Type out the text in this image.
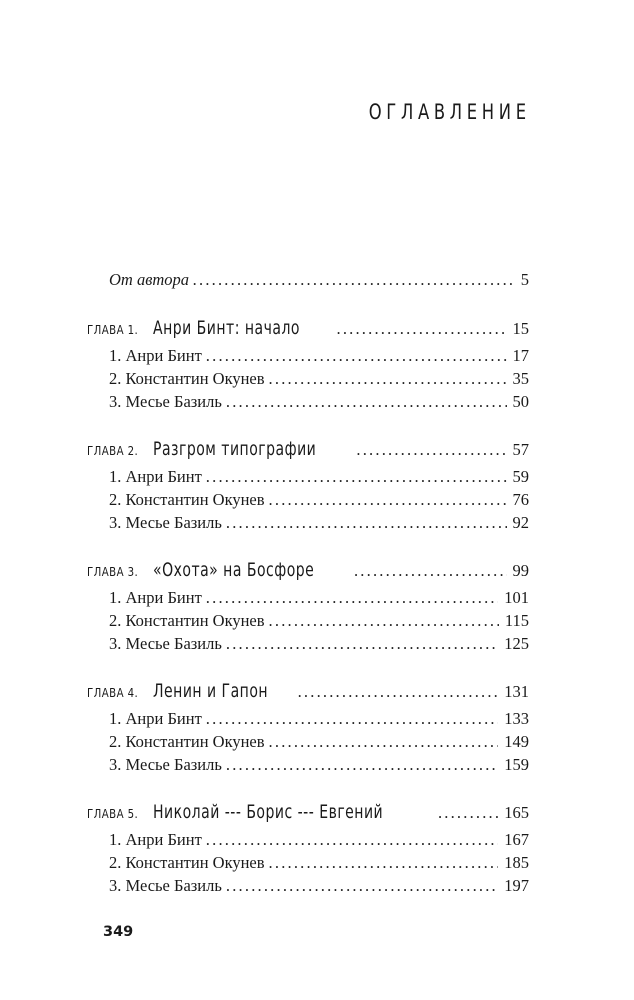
ОГЛАВЛЕНИЕ
От автора .....	5
ГЛАВА 1. Анри Бинт: начало .....	15
1. Анри Бинт .....	17
2. Константин Окунев .....	35
3. Месье Базиль .....	50
ГЛАВА 2. Разгром типографии .....	57
1. Анри Бинт .....	59
2. Константин Окунев .....	76
3. Месье Базиль .....	92
ГЛАВА 3. «Охота» на Босфоре .....	99
1. Анри Бинт .....	101
2. Константин Окунев .....	115
3. Месье Базиль .....	125
ГЛАВА 4. Ленин и Гапон .....	131
1. Анри Бинт .....	133
2. Константин Окунев .....	149
3. Месье Базиль .....	159
ГЛАВА 5. Николай --- Борис --- Евгений .....	165
1. Анри Бинт .....	167
2. Константин Окунев .....	185
3. Месье Базиль .....	197
349
